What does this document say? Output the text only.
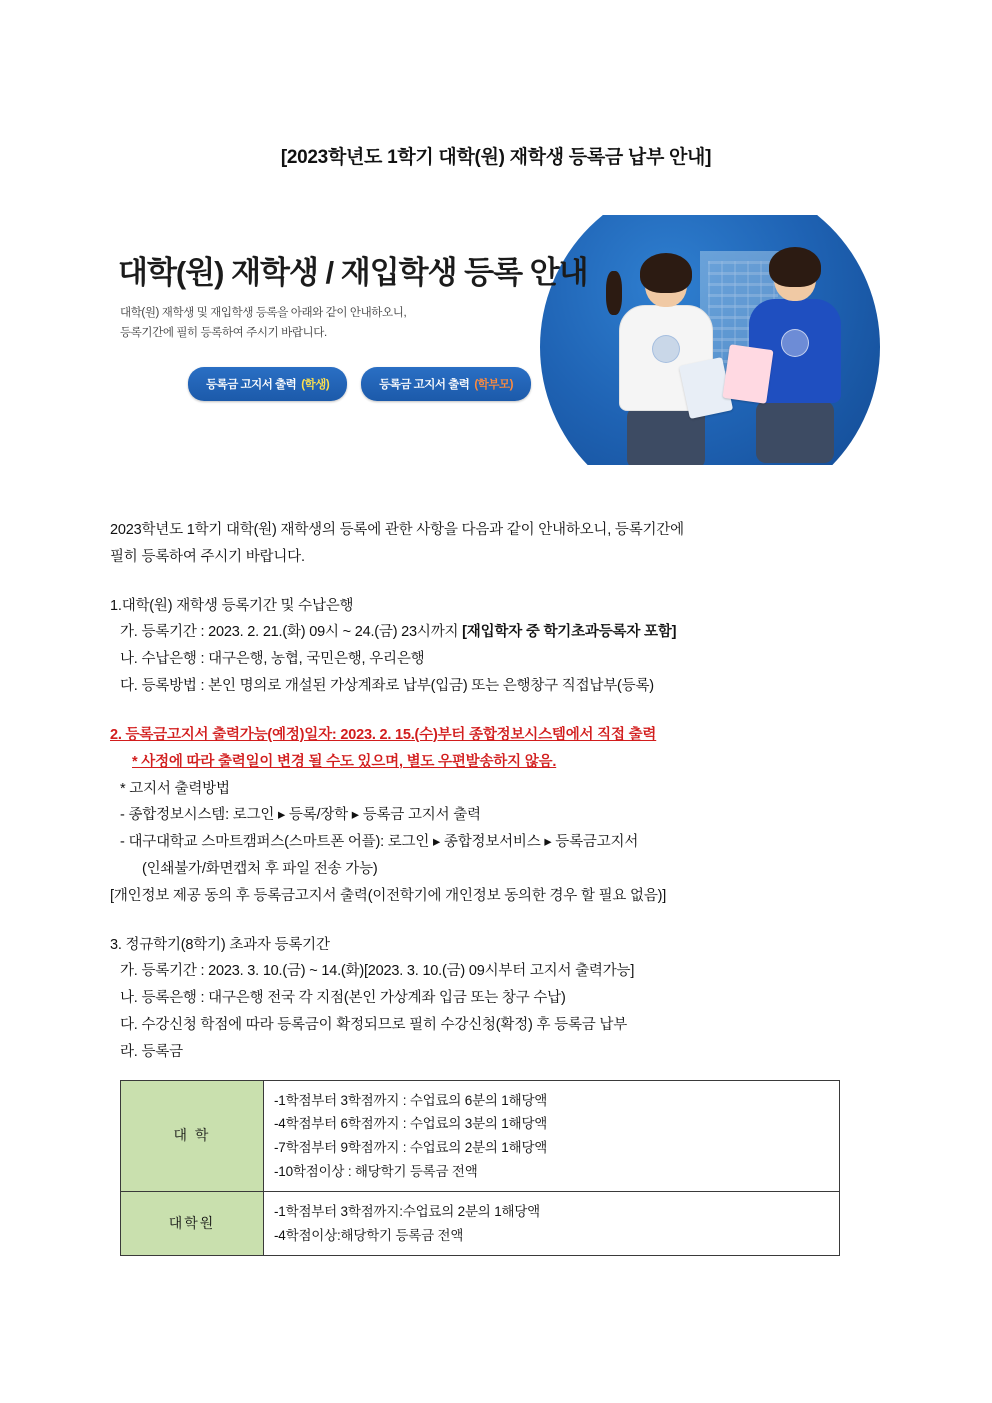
[2023학년도 1학기 대학(원) 재학생 등록금 납부 안내]
대학(원) 재학생 / 재입학생 등록 안내
대학(원) 재학생 및 재입학생 등록을 아래와 같이 안내하오니,
등록기간에 필히 등록하여 주시기 바랍니다.
등록금 고지서 출력 (학생)	등록금 고지서 출력 (학부모)
2023학년도 1학기 대학(원) 재학생의 등록에 관한 사항을 다음과 같이 안내하오니, 등록기간에
필히 등록하여 주시기 바랍니다.
1.대학(원) 재학생 등록기간 및 수납은행
가. 등록기간 : 2023. 2. 21.(화) 09시 ~ 24.(금) 23시까지 [재입학자 중 학기초과등록자 포함]
나. 수납은행 : 대구은행, 농협, 국민은행, 우리은행
다. 등록방법 : 본인 명의로 개설된 가상계좌로 납부(입금) 또는 은행창구 직접납부(등록)
2. 등록금고지서 출력가능(예정)일자: 2023. 2. 15.(수)부터 종합정보시스템에서 직접 출력
* 사정에 따라 출력일이 변경 될 수도 있으며, 별도 우편발송하지 않음.
* 고지서 출력방법
- 종합정보시스템: 로그인 ▸ 등록/장학 ▸ 등록금 고지서 출력
- 대구대학교 스마트캠퍼스(스마트폰 어플): 로그인 ▸ 종합정보서비스 ▸ 등록금고지서
(인쇄불가/화면캡처 후 파일 전송 가능)
[개인정보 제공 동의 후 등록금고지서 출력(이전학기에 개인정보 동의한 경우 할 필요 없음)]
3. 정규학기(8학기) 초과자 등록기간
가. 등록기간 : 2023. 3. 10.(금) ~ 14.(화)[2023. 3. 10.(금) 09시부터 고지서 출력가능]
나. 등록은행 : 대구은행 전국 각 지점(본인 가상계좌 입금 또는 창구 수납)
다. 수강신청 학점에 따라 등록금이 확정되므로 필히 수강신청(확정) 후 등록금 납부
라. 등록금
대 학	-1학점부터 3학점까지 : 수업료의 6분의 1해당액
-4학점부터 6학점까지 : 수업료의 3분의 1해당액
-7학점부터 9학점까지 : 수업료의 2분의 1해당액
-10학점이상 : 해당학기 등록금 전액

대학원	-1학점부터 3학점까지:수업료의 2분의 1해당액
-4학점이상:해당학기 등록금 전액
